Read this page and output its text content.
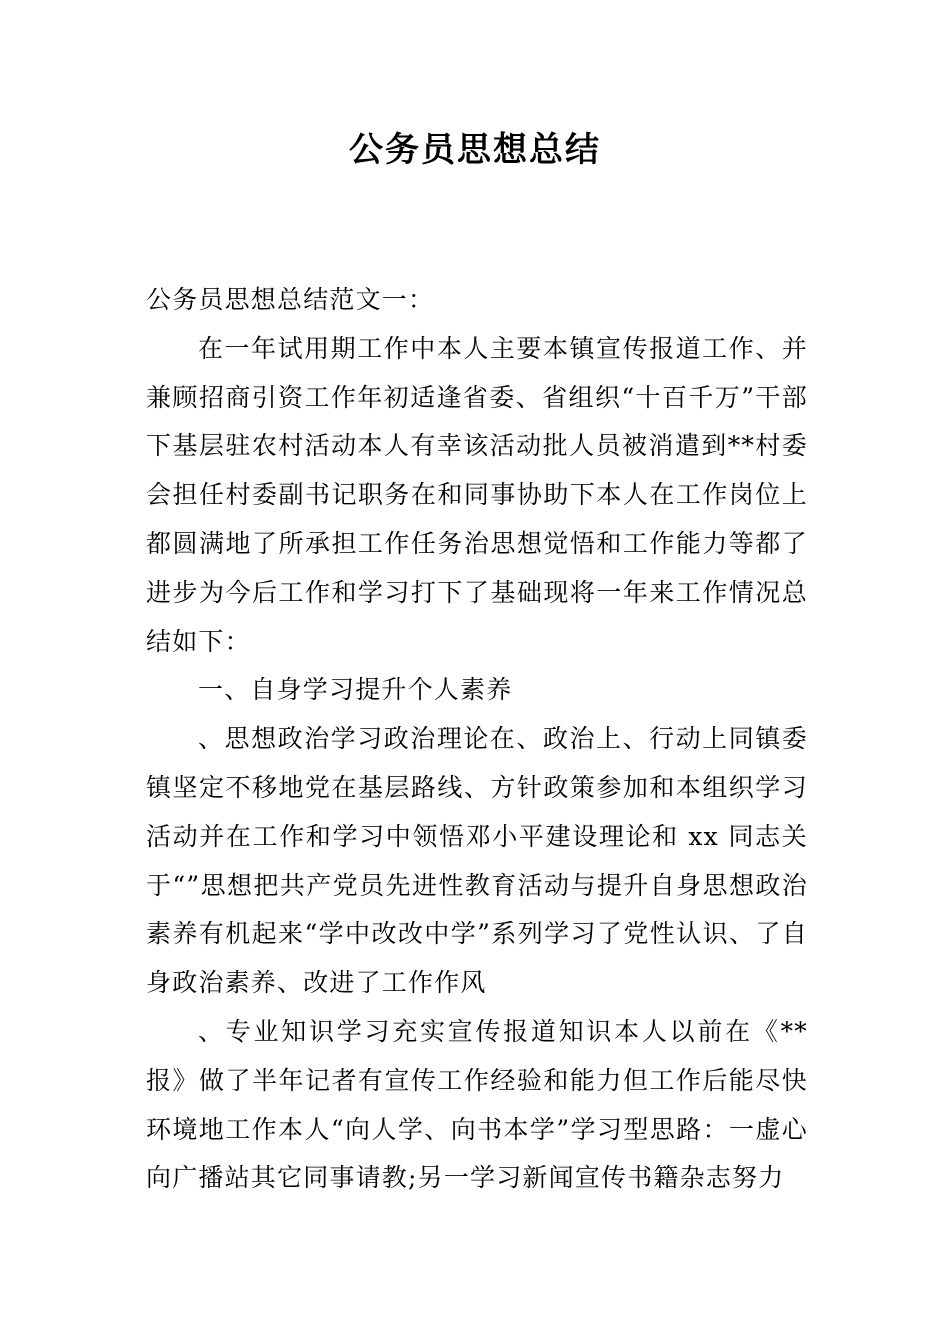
公务员思想总结

公务员思想总结范文一：

在一年试用期工作中本人主要本镇宣传报道工作、并兼顾招商引资工作年初适逢省委、省组织“十百千万”干部下基层驻农村活动本人有幸该活动批人员被消遣到**村委会担任村委副书记职务在和同事协助下本人在工作岗位上都圆满地了所承担工作任务治思想觉悟和工作能力等都了进步为今后工作和学习打下了基础现将一年来工作情况总结如下：

一、自身学习提升个人素养

、思想政治学习政治理论在、政治上、行动上同镇委镇坚定不移地党在基层路线、方针政策参加和本组织学习活动并在工作和学习中领悟邓小平建设理论和 xx 同志关于“”思想把共产党员先进性教育活动与提升自身思想政治素养有机起来“学中改改中学”系列学习了党性认识、了自身政治素养、改进了工作作风

、专业知识学习充实宣传报道知识本人以前在《**报》做了半年记者有宣传工作经验和能力但工作后能尽快环境地工作本人“向人学、向书本学”学习型思路：一虚心向广播站其它同事请教;另一学习新闻宣传书籍杂志努力
